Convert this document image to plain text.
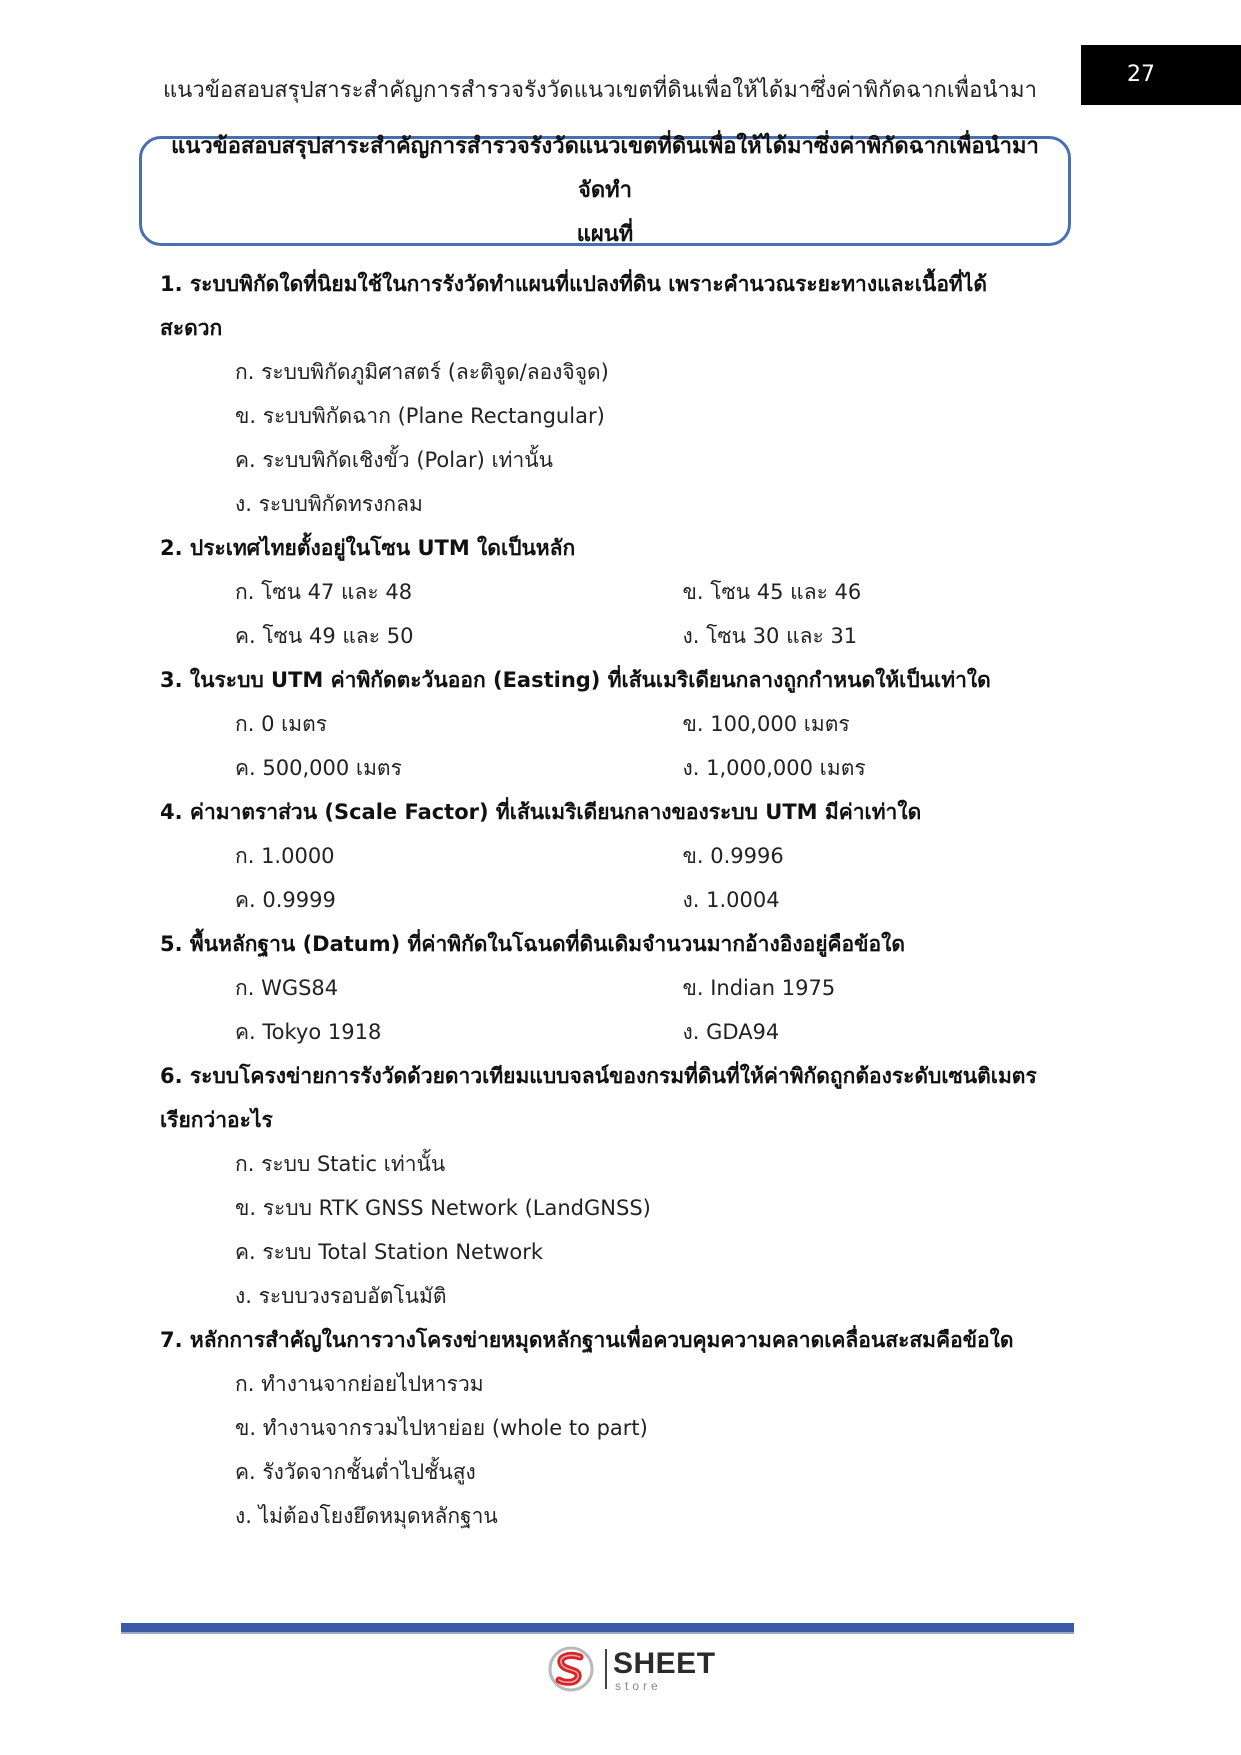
แนวข้อสอบสรุปสาระสำคัญการสำรวจรังวัดแนวเขตที่ดินเพื่อให้ได้มาซึ่งค่าพิกัดฉากเพื่อนำมา
27
แนวข้อสอบสรุปสาระสำคัญการสำรวจรังวัดแนวเขตที่ดินเพื่อให้ได้มาซึ่งค่าพิกัดฉากเพื่อนำมาจัดทำ
แผนที่
1. ระบบพิกัดใดที่นิยมใช้ในการรังวัดทำแผนที่แปลงที่ดิน เพราะคำนวณระยะทางและเนื้อที่ได้
สะดวก
ก. ระบบพิกัดภูมิศาสตร์ (ละติจูด/ลองจิจูด)
ข. ระบบพิกัดฉาก (Plane Rectangular)
ค. ระบบพิกัดเชิงขั้ว (Polar) เท่านั้น
ง. ระบบพิกัดทรงกลม
2. ประเทศไทยตั้งอยู่ในโซน UTM ใดเป็นหลัก
ก. โซน 47 และ 48	ข. โซน 45 และ 46
ค. โซน 49 และ 50	ง. โซน 30 และ 31
3. ในระบบ UTM ค่าพิกัดตะวันออก (Easting) ที่เส้นเมริเดียนกลางถูกกำหนดให้เป็นเท่าใด
ก. 0 เมตร	ข. 100,000 เมตร
ค. 500,000 เมตร	ง. 1,000,000 เมตร
4. ค่ามาตราส่วน (Scale Factor) ที่เส้นเมริเดียนกลางของระบบ UTM มีค่าเท่าใด
ก. 1.0000	ข. 0.9996
ค. 0.9999	ง. 1.0004
5. พื้นหลักฐาน (Datum) ที่ค่าพิกัดในโฉนดที่ดินเดิมจำนวนมากอ้างอิงอยู่คือข้อใด
ก. WGS84	ข. Indian 1975
ค. Tokyo 1918	ง. GDA94
6. ระบบโครงข่ายการรังวัดด้วยดาวเทียมแบบจลน์ของกรมที่ดินที่ให้ค่าพิกัดถูกต้องระดับเซนติเมตร
เรียกว่าอะไร
ก. ระบบ Static เท่านั้น
ข. ระบบ RTK GNSS Network (LandGNSS)
ค. ระบบ Total Station Network
ง. ระบบวงรอบอัตโนมัติ
7. หลักการสำคัญในการวางโครงข่ายหมุดหลักฐานเพื่อควบคุมความคลาดเคลื่อนสะสมคือข้อใด
ก. ทำงานจากย่อยไปหารวม
ข. ทำงานจากรวมไปหาย่อย (whole to part)
ค. รังวัดจากชั้นต่ำไปชั้นสูง
ง. ไม่ต้องโยงยึดหมุดหลักฐาน
SHEET
store
